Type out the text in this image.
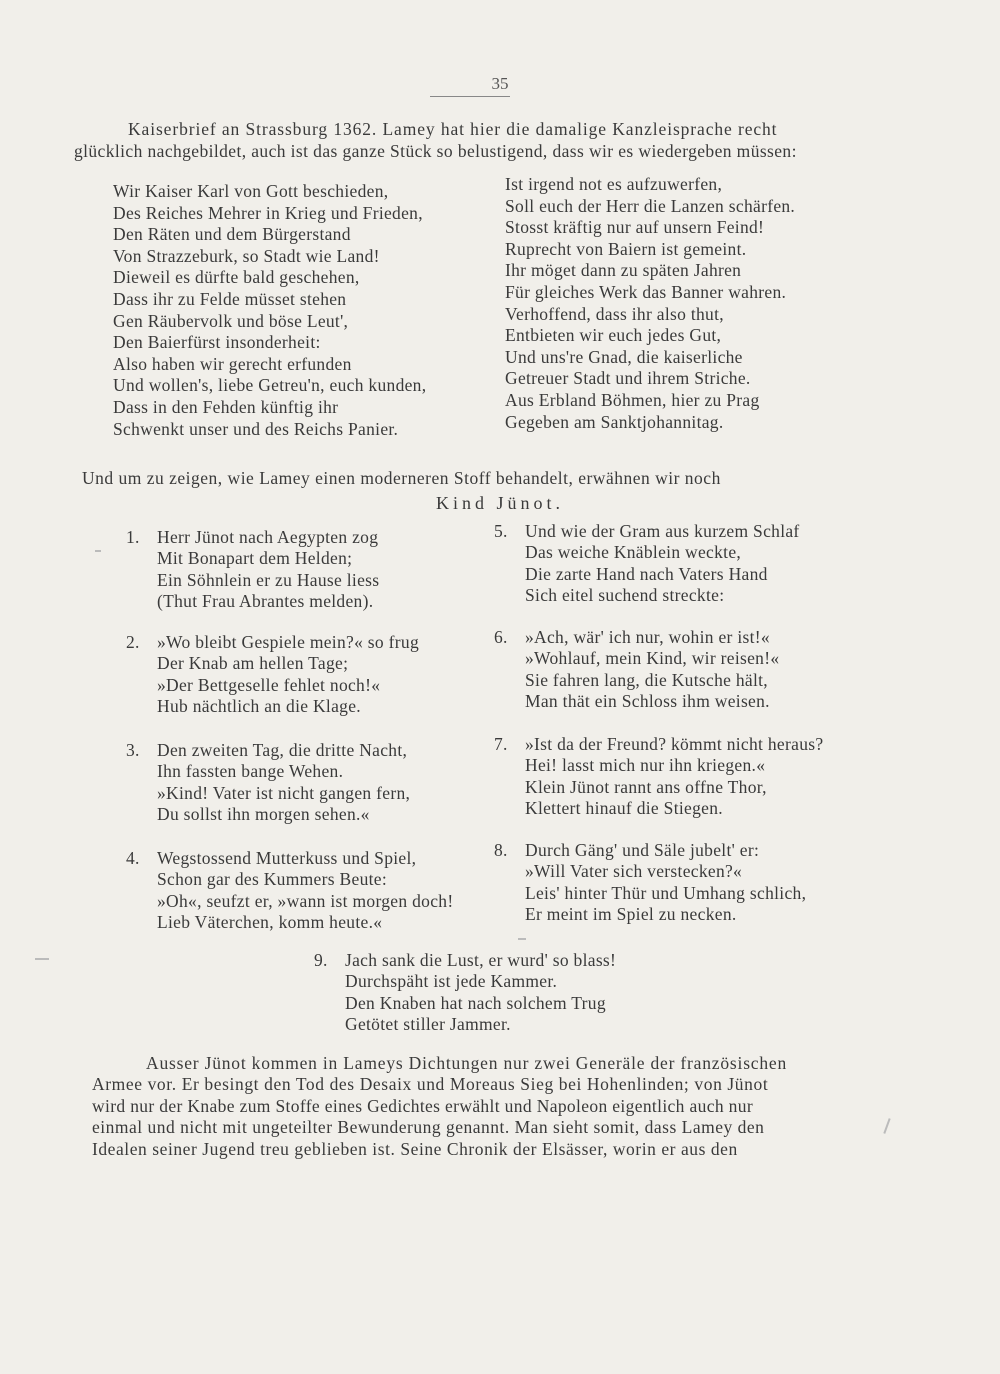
35

Kaiserbrief an Strassburg 1362. Lamey hat hier die damalige Kanzleisprache recht
glücklich nachgebildet, auch ist das ganze Stück so belustigend, dass wir es wiedergeben müssen:

Wir Kaiser Karl von Gott beschieden,
Des Reiches Mehrer in Krieg und Frieden,
Den Räten und dem Bürgerstand
Von Strazzeburk, so Stadt wie Land!
Dieweil es dürfte bald geschehen,
Dass ihr zu Felde müsset stehen
Gen Räubervolk und böse Leut',
Den Baierfürst insonderheit:
Also haben wir gerecht erfunden
Und wollen's, liebe Getreu'n, euch kunden,
Dass in den Fehden künftig ihr
Schwenkt unser und des Reichs Panier.
Ist irgend not es aufzuwerfen,
Soll euch der Herr die Lanzen schärfen.
Stosst kräftig nur auf unsern Feind!
Ruprecht von Baiern ist gemeint.
Ihr möget dann zu späten Jahren
Für gleiches Werk das Banner wahren.
Verhoffend, dass ihr also thut,
Entbieten wir euch jedes Gut,
Und uns're Gnad, die kaiserliche
Getreuer Stadt und ihrem Striche.
Aus Erbland Böhmen, hier zu Prag
Gegeben am Sanktjohannitag.

Und um zu zeigen, wie Lamey einen moderneren Stoff behandelt, erwähnen wir noch

Kind Jünot.
1. Herr Jünot nach Aegypten zog
Mit Bonapart dem Helden;
Ein Söhnlein er zu Hause liess
(Thut Frau Abrantes melden).
2. »Wo bleibt Gespiele mein?« so frug
Der Knab am hellen Tage;
»Der Bettgeselle fehlet noch!«
Hub nächtlich an die Klage.
3. Den zweiten Tag, die dritte Nacht,
Ihn fassten bange Wehen.
»Kind! Vater ist nicht gangen fern,
Du sollst ihn morgen sehen.«
4. Wegstossend Mutterkuss und Spiel,
Schon gar des Kummers Beute:
»Oh«, seufzt er, »wann ist morgen doch!
Lieb Väterchen, komm heute.«
5. Und wie der Gram aus kurzem Schlaf
Das weiche Knäblein weckte,
Die zarte Hand nach Vaters Hand
Sich eitel suchend streckte:
6. »Ach, wär' ich nur, wohin er ist!«
»Wohlauf, mein Kind, wir reisen!«
Sie fahren lang, die Kutsche hält,
Man thät ein Schloss ihm weisen.
7. »Ist da der Freund? kömmt nicht heraus?
Hei! lasst mich nur ihn kriegen.«
Klein Jünot rannt ans offne Thor,
Klettert hinauf die Stiegen.
8. Durch Gäng' und Säle jubelt' er:
»Will Vater sich verstecken?«
Leis' hinter Thür und Umhang schlich,
Er meint im Spiel zu necken.
9. Jach sank die Lust, er wurd' so blass!
Durchspäht ist jede Kammer.
Den Knaben hat nach solchem Trug
Getötet stiller Jammer.

Ausser Jünot kommen in Lameys Dichtungen nur zwei Generäle der französischen
Armee vor. Er besingt den Tod des Desaix und Moreaus Sieg bei Hohenlinden; von Jünot
wird nur der Knabe zum Stoffe eines Gedichtes erwählt und Napoleon eigentlich auch nur
einmal und nicht mit ungeteilter Bewunderung genannt. Man sieht somit, dass Lamey den
Idealen seiner Jugend treu geblieben ist. Seine Chronik der Elsässer, worin er aus den
